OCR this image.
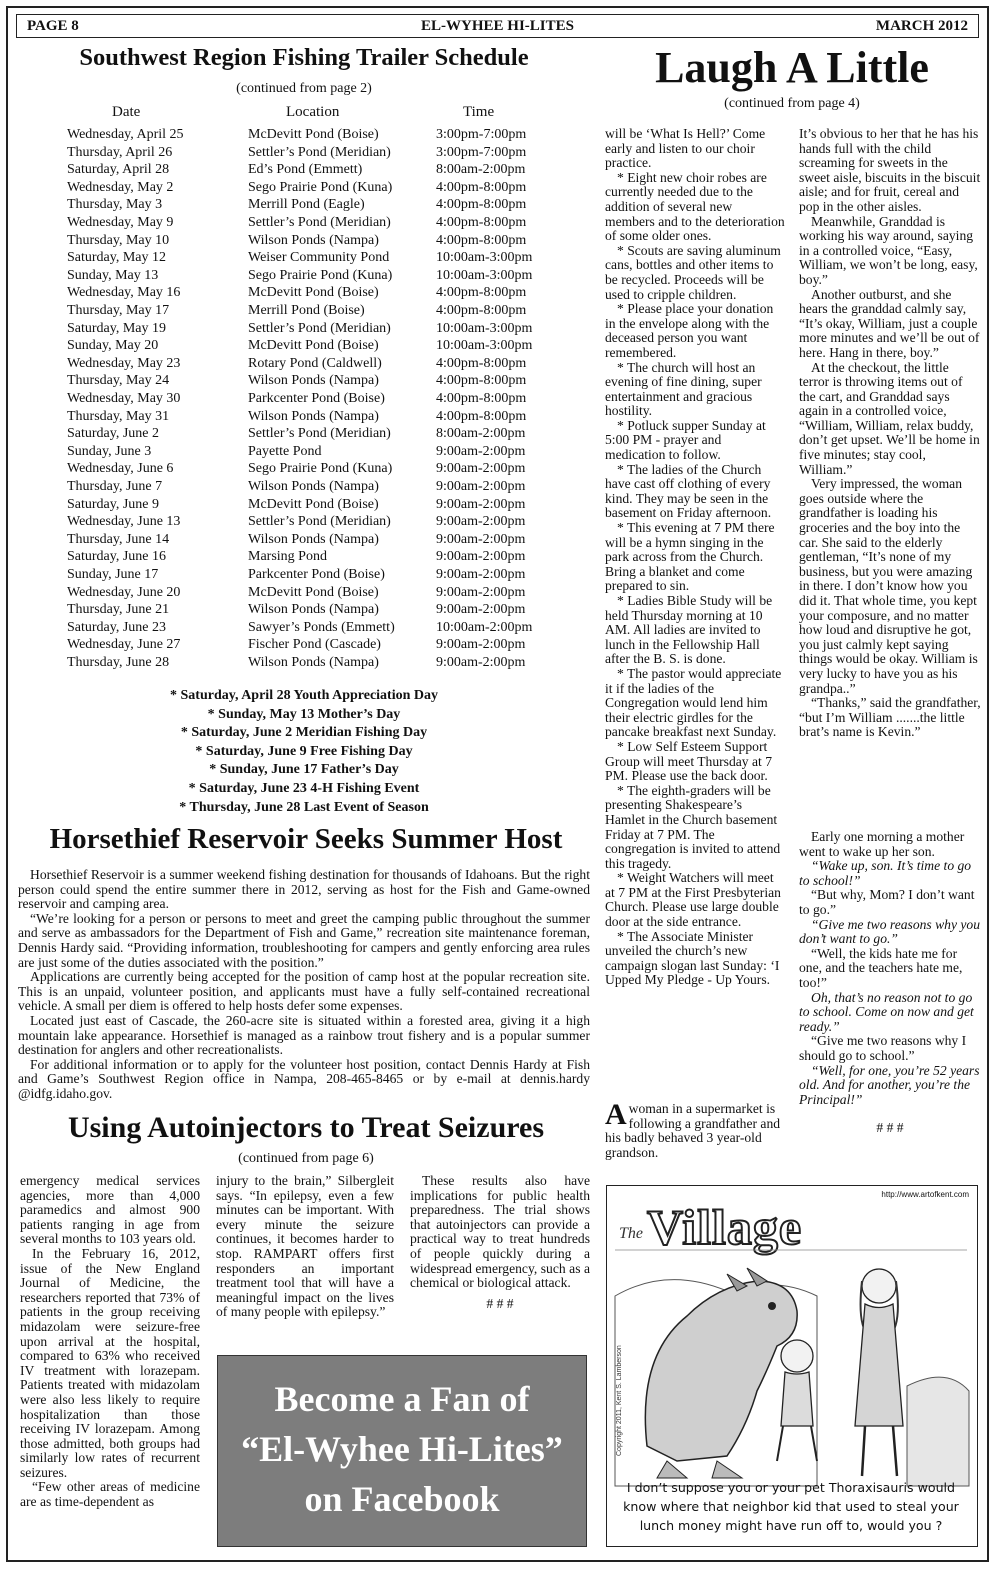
PAGE 8	EL-WYHEE HI-LITES	MARCH 2012
Southwest Region Fishing Trailer Schedule
(continued from page 2)
Date	Location	Time
Wednesday, April 25	McDevitt Pond (Boise)	3:00pm-7:00pm
Thursday, April 26	Settler’s Pond (Meridian)	3:00pm-7:00pm
Saturday, April 28	Ed’s Pond (Emmett)	8:00am-2:00pm
Wednesday, May 2	Sego Prairie Pond (Kuna)	4:00pm-8:00pm
Thursday, May 3	Merrill Pond (Eagle)	4:00pm-8:00pm
Wednesday, May 9	Settler’s Pond (Meridian)	4:00pm-8:00pm
Thursday, May 10	Wilson Ponds (Nampa)	4:00pm-8:00pm
Saturday, May 12	Weiser Community Pond	10:00am-3:00pm
Sunday, May 13	Sego Prairie Pond (Kuna)	10:00am-3:00pm
Wednesday, May 16	McDevitt Pond (Boise)	4:00pm-8:00pm
Thursday, May 17	Merrill Pond (Boise)	4:00pm-8:00pm
Saturday, May 19	Settler’s Pond (Meridian)	10:00am-3:00pm
Sunday, May 20	McDevitt Pond (Boise)	10:00am-3:00pm
Wednesday, May 23	Rotary Pond (Caldwell)	4:00pm-8:00pm
Thursday, May 24	Wilson Ponds (Nampa)	4:00pm-8:00pm
Wednesday, May 30	Parkcenter Pond (Boise)	4:00pm-8:00pm
Thursday, May 31	Wilson Ponds (Nampa)	4:00pm-8:00pm
Saturday, June 2	Settler’s Pond (Meridian)	8:00am-2:00pm
Sunday, June 3	Payette Pond	9:00am-2:00pm
Wednesday, June 6	Sego Prairie Pond (Kuna)	9:00am-2:00pm
Thursday, June 7	Wilson Ponds (Nampa)	9:00am-2:00pm
Saturday, June 9	McDevitt Pond (Boise)	9:00am-2:00pm
Wednesday, June 13	Settler’s Pond (Meridian)	9:00am-2:00pm
Thursday, June 14	Wilson Ponds (Nampa)	9:00am-2:00pm
Saturday, June 16	Marsing Pond	9:00am-2:00pm
Sunday, June 17	Parkcenter Pond (Boise)	9:00am-2:00pm
Wednesday, June 20	McDevitt Pond (Boise)	9:00am-2:00pm
Thursday, June 21	Wilson Ponds (Nampa)	9:00am-2:00pm
Saturday, June 23	Sawyer’s Ponds (Emmett)	10:00am-2:00pm
Wednesday, June 27	Fischer Pond (Cascade)	9:00am-2:00pm
Thursday, June 28	Wilson Ponds (Nampa)	9:00am-2:00pm
* Saturday, April 28 Youth Appreciation Day
* Sunday, May 13 Mother’s Day
* Saturday, June 2 Meridian Fishing Day
* Saturday, June 9 Free Fishing Day
* Sunday, June 17 Father’s Day
* Saturday, June 23 4-H Fishing Event
* Thursday, June 28 Last Event of Season
Horsethief Reservoir Seeks Summer Host

Horsethief Reservoir is a summer weekend fishing destination for thousands of Idahoans. But the right person could spend the entire summer there in 2012, serving as host for the Fish and Game-owned reservoir and camping area.

“We’re looking for a person or persons to meet and greet the camping public throughout the summer and serve as ambassadors for the Department of Fish and Game,” recreation site maintenance foreman, Dennis Hardy said. “Providing information, troubleshooting for campers and gently enforcing area rules are just some of the duties associated with the position.”

Applications are currently being accepted for the position of camp host at the popular recreation site. This is an unpaid, volunteer position, and applicants must have a fully self-contained recreational vehicle. A small per diem is offered to help hosts defer some expenses.

Located just east of Cascade, the 260-acre site is situated within a forested area, giving it a high mountain lake appearance. Horsethief is managed as a rainbow trout fishery and is a popular summer destination for anglers and other recreationalists.

For additional information or to apply for the volunteer host position, contact Dennis Hardy at Fish and Game’s Southwest Region office in Nampa, 208-465-8465 or by e-mail at dennis.hardy @idfg.idaho.gov.

Using Autoinjectors to Treat Seizures
(continued from page 6)

emergency medical services agencies, more than 4,000 paramedics and almost 900 patients ranging in age from several months to 103 years old.

In the February 16, 2012, issue of the New England Journal of Medicine, the researchers reported that 73% of patients in the group receiving midazolam were seizure-free upon arrival at the hospital, compared to 63% who received IV treatment with lorazepam. Patients treated with midazolam were also less likely to require hospitalization than those receiving IV lorazepam. Among those admitted, both groups had similarly low rates of recurrent seizures.

“Few other areas of medicine are as time-dependent as

injury to the brain,” Silbergleit says. “In epilepsy, even a few minutes can be important. With every minute the seizure continues, it becomes harder to stop. RAMPART offers first responders an important treatment tool that will have a meaningful impact on the lives of many people with epilepsy.”

These results also have implications for public health preparedness. The trial shows that autoinjectors can provide a practical way to treat hundreds of people quickly during a widespread emergency, such as a chemical or biological attack.

# # #

Become a Fan of
“El-Wyhee Hi-Lites”
on Facebook
Laugh A Little
(continued from page 4)

will be ‘What Is Hell?’ Come early and listen to our choir practice.

* Eight new choir robes are currently needed due to the addition of several new members and to the deterioration of some older ones.

* Scouts are saving aluminum cans, bottles and other items to be recycled. Proceeds will be used to cripple children.

* Please place your donation in the envelope along with the deceased person you want remembered.

* The church will host an evening of fine dining, super entertainment and gracious hostility.

* Potluck supper Sunday at 5:00 PM - prayer and medication to follow.

* The ladies of the Church have cast off clothing of every kind. They may be seen in the basement on Friday afternoon.

* This evening at 7 PM there will be a hymn singing in the park across from the Church. Bring a blanket and come prepared to sin.

* Ladies Bible Study will be held Thursday morning at 10 AM. All ladies are invited to lunch in the Fellowship Hall after the B. S. is done.

* The pastor would appreciate it if the ladies of the Congregation would lend him their electric girdles for the pancake breakfast next Sunday.

* Low Self Esteem Support Group will meet Thursday at 7 PM. Please use the back door.

* The eighth-graders will be presenting Shakespeare’s Hamlet in the Church basement Friday at 7 PM. The congregation is invited to attend this tragedy.

* Weight Watchers will meet at 7 PM at the First Presbyterian Church. Please use large double door at the side entrance.

* The Associate Minister unveiled the church’s new campaign slogan last Sunday: ‘I Upped My Pledge - Up Yours.

A woman in a supermarket is following a grandfather and his badly behaved 3 year-old grandson.

It’s obvious to her that he has his hands full with the child screaming for sweets in the sweet aisle, biscuits in the biscuit aisle; and for fruit, cereal and pop in the other aisles.

Meanwhile, Granddad is working his way around, saying in a controlled voice, “Easy, William, we won’t be long, easy, boy.”

Another outburst, and she hears the granddad calmly say, “It’s okay, William, just a couple more minutes and we’ll be out of here. Hang in there, boy.”

At the checkout, the little terror is throwing items out of the cart, and Granddad says again in a controlled voice, “William, William, relax buddy, don’t get upset. We’ll be home in five minutes; stay cool, William.”

Very impressed, the woman goes outside where the grandfather is loading his groceries and the boy into the car. She said to the elderly gentleman, “It’s none of my business, but you were amazing in there. I don’t know how you did it. That whole time, you kept your composure, and no matter how loud and disruptive he got, you just calmly kept saying things would be okay. William is very lucky to have you as his grandpa..”

“Thanks,” said the grandfather, “but I’m William .......the little brat’s name is Kevin.”

Early one morning a mother went to wake up her son.

“Wake up, son. It’s time to go to school!”

“But why, Mom? I don’t want to go.”

“Give me two reasons why you don’t want to go.”

“Well, the kids hate me for one, and the teachers hate me, too!”

Oh, that’s no reason not to go to school. Come on now and get ready.”

“Give me two reasons why I should go to school.”

“Well, for one, you’re 52 years old. And for another, you’re the Principal!”

# # #

The Village
Copyright 2011, Kent S. Lamberson
http://www.artofkent.com
I don’t suppose you or your pet Thoraxisauris would know where that neighbor kid that used to steal your lunch money might have run off to, would you ?
